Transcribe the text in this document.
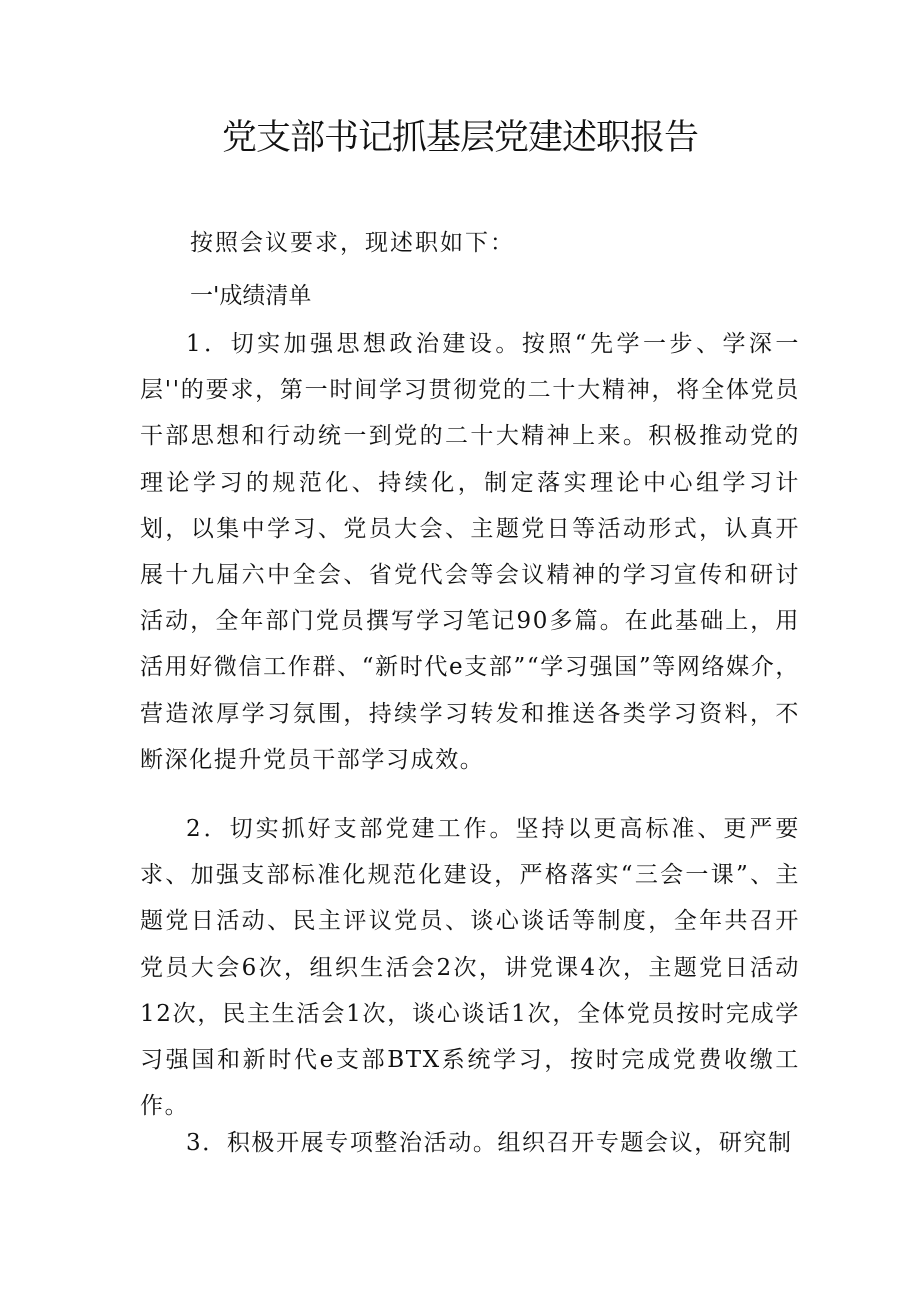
党支部书记抓基层党建述职报告
按照会议要求，现述职如下：
一'成绩清单

1．切实加强思想政治建设。按照“先学一步、学深一层''的要求，第一时间学习贯彻党的二十大精神，将全体党员干部思想和行动统一到党的二十大精神上来。积极推动党的理论学习的规范化、持续化，制定落实理论中心组学习计划，以集中学习、党员大会、主题党日等活动形式，认真开展十九届六中全会、省党代会等会议精神的学习宣传和研讨活动，全年部门党员撰写学习笔记90多篇。在此基础上，用活用好微信工作群、“新时代e支部”“学习强国”等网络媒介，营造浓厚学习氛围，持续学习转发和推送各类学习资料，不断深化提升党员干部学习成效。

2．切实抓好支部党建工作。坚持以更高标准、更严要求、加强支部标准化规范化建设，严格落实“三会一课”、主题党日活动、民主评议党员、谈心谈话等制度，全年共召开党员大会6次，组织生活会2次，讲党课4次，主题党日活动12次，民主生活会1次，谈心谈话1次，全体党员按时完成学习强国和新时代e支部BTX系统学习，按时完成党费收缴工作。

3．积极开展专项整治活动。组织召开专题会议，研究制
